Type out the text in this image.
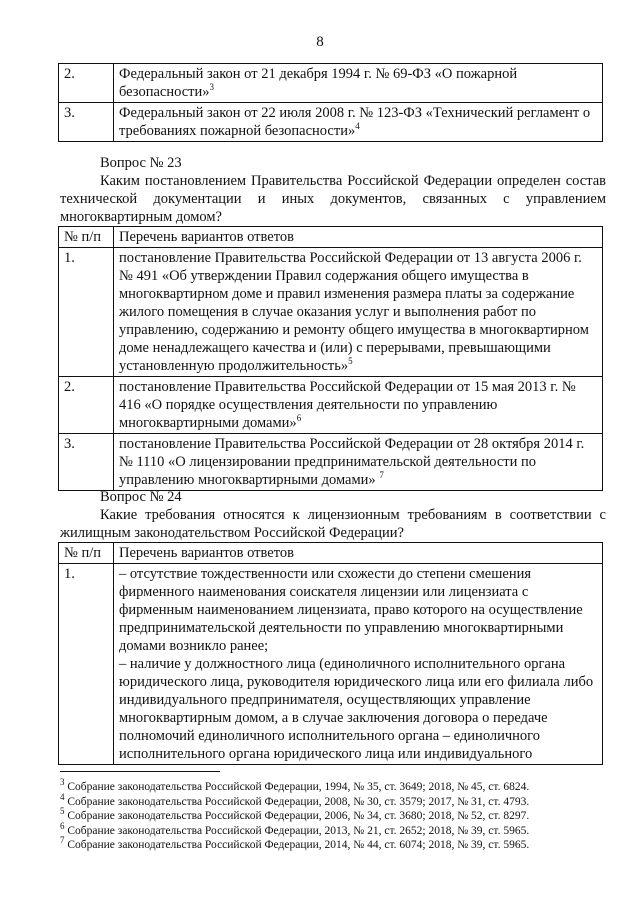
8
2.	Федеральный закон от 21 декабря 1994 г. № 69-ФЗ «О пожарной безопасности»$^3$
3.	Федеральный закон от 22 июля 2008 г. № 123-ФЗ «Технический регламент о требованиях пожарной безопасности»$^4$
Вопрос № 23
Каким постановлением Правительства Российской Федерации определен состав технической документации и иных документов, связанных с управлением многоквартирным домом?
№ п/п	Перечень вариантов ответов
1.	постановление Правительства Российской Федерации от 13 августа 2006 г. № 491 «Об утверждении Правил содержания общего имущества в многоквартирном доме и правил изменения размера платы за содержание жилого помещения в случае оказания услуг и выполнения работ по управлению, содержанию и ремонту общего имущества в многоквартирном доме ненадлежащего качества и (или) с перерывами, превышающими установленную продолжительность»$^5$
2.	постановление Правительства Российской Федерации от 15 мая 2013 г. № 416 «О порядке осуществления деятельности по управлению многоквартирными домами»$^6$
3.	постановление Правительства Российской Федерации от 28 октября 2014 г. № 1110 «О лицензировании предпринимательской деятельности по управлению многоквартирными домами» $^7$
Вопрос № 24
Какие требования относятся к лицензионным требованиям в соответствии с жилищным законодательством Российской Федерации?
№ п/п	Перечень вариантов ответов
1.	– отсутствие тождественности или схожести до степени смешения фирменного наименования соискателя лицензии или лицензиата с фирменным наименованием лицензиата, право которого на осуществление предпринимательской деятельности по управлению многоквартирными домами возникло ранее;
– наличие у должностного лица (единоличного исполнительного органа юридического лица, руководителя юридического лица или его филиала либо индивидуального предпринимателя, осуществляющих управление многоквартирным домом, а в случае заключения договора о передаче полномочий единоличного исполнительного органа – единоличного исполнительного органа юридического лица или индивидуального
$^3$ Собрание законодательства Российской Федерации, 1994, № 35, ст. 3649; 2018, № 45, ст. 6824.
$^4$ Собрание законодательства Российской Федерации, 2008, № 30, ст. 3579; 2017, № 31, ст. 4793.
$^5$ Собрание законодательства Российской Федерации, 2006, № 34, ст. 3680; 2018, № 52, ст. 8297.
$^6$ Собрание законодательства Российской Федерации, 2013, № 21, ст. 2652; 2018, № 39, ст. 5965.
$^7$ Собрание законодательства Российской Федерации, 2014, № 44, ст. 6074; 2018, № 39, ст. 5965.
